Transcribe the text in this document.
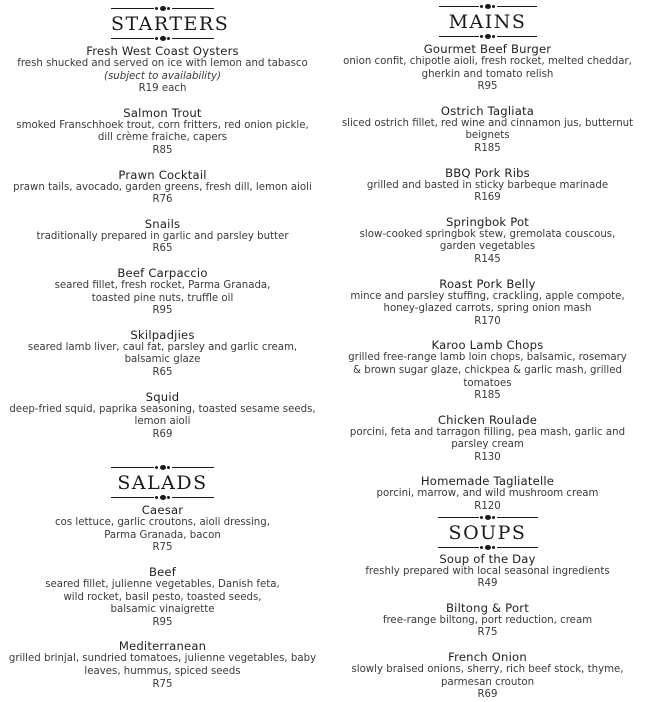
STARTERS
Fresh West Coast Oysters
fresh shucked and served on ice with lemon and tabasco
(subject to availability)
R19 each
Salmon Trout
smoked Franschhoek trout, corn fritters, red onion pickle,
dill crème fraiche, capers
R85
Prawn Cocktail
prawn tails, avocado, garden greens, fresh dill, lemon aioli
R76
Snails
traditionally prepared in garlic and parsley butter
R65
Beef Carpaccio
seared fillet, fresh rocket, Parma Granada,
toasted pine nuts, truffle oil
R95
Skilpadjies
seared lamb liver, caul fat, parsley and garlic cream,
balsamic glaze
R65
Squid
deep-fried squid, paprika seasoning, toasted sesame seeds,
lemon aioli
R69
SALADS
Caesar
cos lettuce, garlic croutons, aioli dressing,
Parma Granada, bacon
R75
Beef
seared fillet, julienne vegetables, Danish feta,
wild rocket, basil pesto, toasted seeds,
balsamic vinaigrette
R95
Mediterranean
grilled brinjal, sundried tomatoes, julienne vegetables, baby
leaves, hummus, spiced seeds
R75
MAINS
Gourmet Beef Burger
onion confit, chipotle aioli, fresh rocket, melted cheddar,
gherkin and tomato relish
R95
Ostrich Tagliata
sliced ostrich fillet, red wine and cinnamon jus, butternut
beignets
R185
BBQ Pork Ribs
grilled and basted in sticky barbeque marinade
R169
Springbok Pot
slow-cooked springbok stew, gremolata couscous,
garden vegetables
R145
Roast Pork Belly
mince and parsley stuffing, crackling, apple compote,
honey-glazed carrots, spring onion mash
R170
Karoo Lamb Chops
grilled free-range lamb loin chops, balsamic, rosemary
& brown sugar glaze, chickpea & garlic mash, grilled
tomatoes
R185
Chicken Roulade
porcini, feta and tarragon filling, pea mash, garlic and
parsley cream
R130
Homemade Tagliatelle
porcini, marrow, and wild mushroom cream
R120
SOUPS
Soup of the Day
freshly prepared with local seasonal ingredients
R49
Biltong & Port
free-range biltong, port reduction, cream
R75
French Onion
slowly braised onions, sherry, rich beef stock, thyme,
parmesan crouton
R69
